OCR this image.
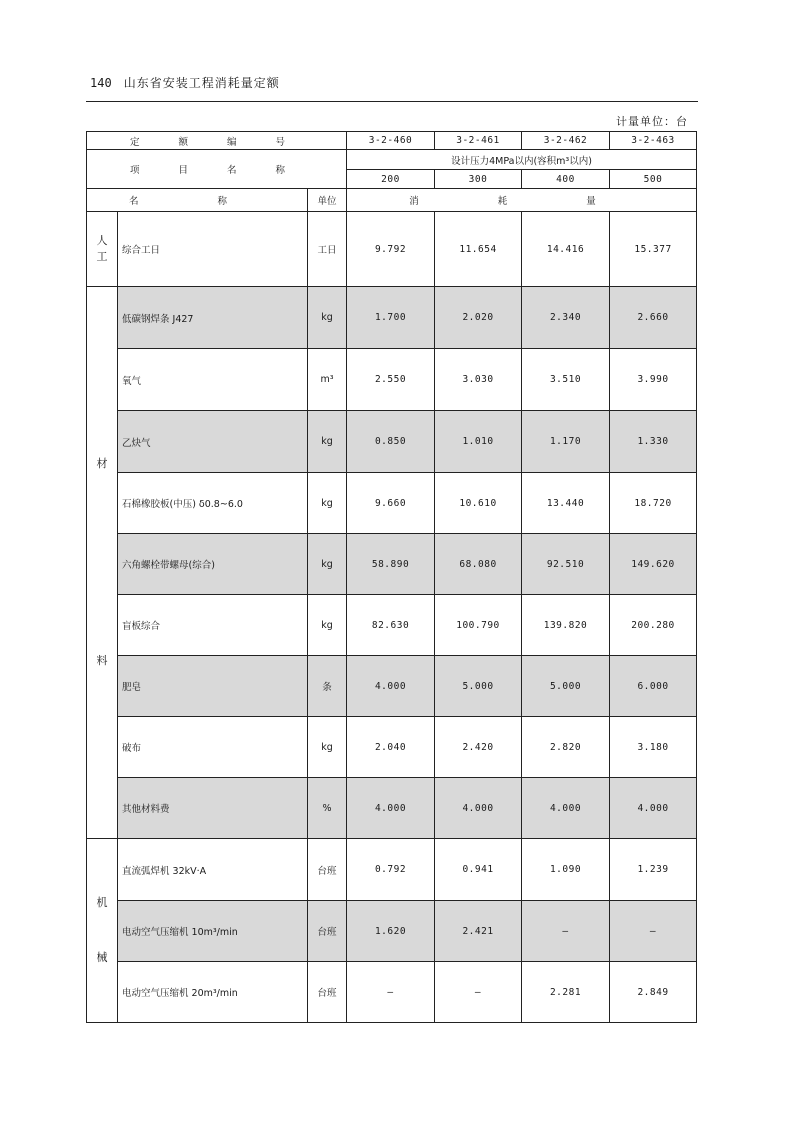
140 山东省安装工程消耗量定额
计量单位：台
定 额 编 号			3-2-460	3-2-461	3-2-462	3-2-463
项 目 名 称			设计压力4MPa以内(容积m³以内)			
			200	300	400	500
名 称		单位	消 耗 量			

人
工	综合工日	工日	9.792	11.654	14.416	15.377

材
料	低碳钢焊条 J427	kg	1.700	2.020	2.340	2.660
	氧气	m³	2.550	3.030	3.510	3.990
	乙炔气	kg	0.850	1.010	1.170	1.330
	石棉橡胶板(中压) δ0.8~6.0	kg	9.660	10.610	13.440	18.720
	六角螺栓带螺母(综合)	kg	58.890	68.080	92.510	149.620
	盲板综合	kg	82.630	100.790	139.820	200.280
	肥皂	条	4.000	5.000	5.000	6.000
	破布	kg	2.040	2.420	2.820	3.180
	其他材料费	%	4.000	4.000	4.000	4.000

机
械	直流弧焊机 32kV·A	台班	0.792	0.941	1.090	1.239
	电动空气压缩机 10m³/min	台班	1.620	2.421	—	—
	电动空气压缩机 20m³/min	台班	—	—	2.281	2.849
